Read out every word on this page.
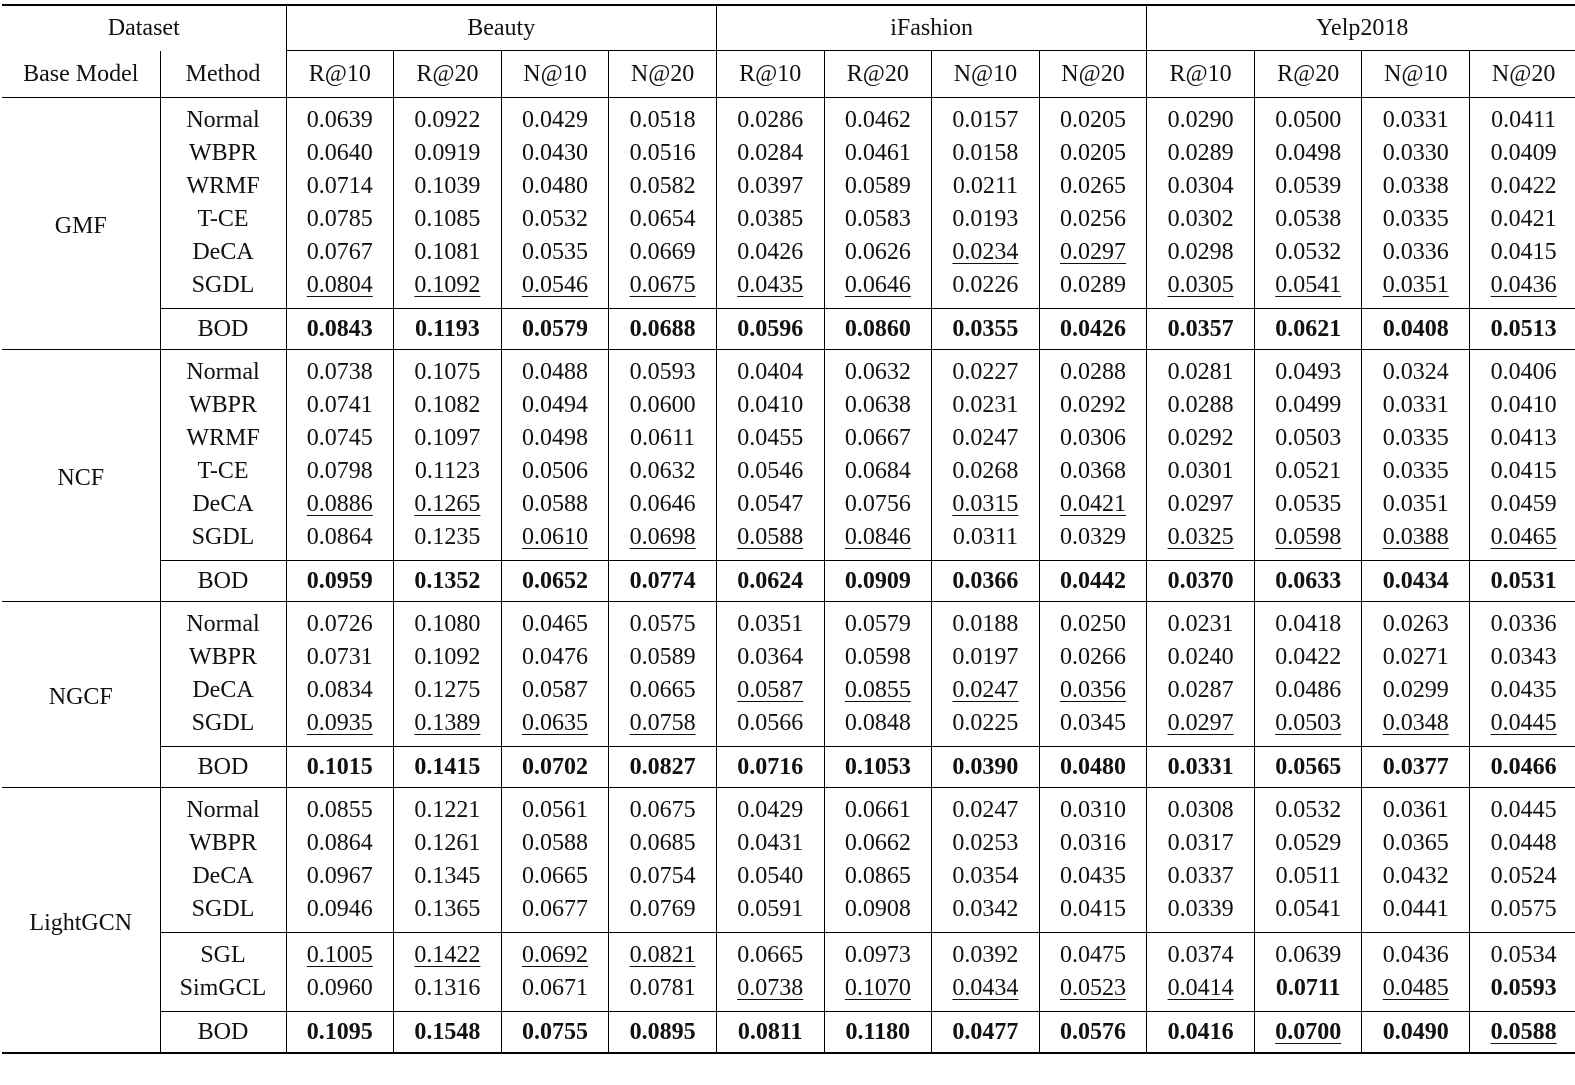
Dataset		Beauty				iFashion				Yelp2018			
Base Model	Method	R@10	R@20	N@10	N@20	R@10	R@20	N@10	N@20	R@10	R@20	N@10	N@20
GMF	Normal	0.0639	0.0922	0.0429	0.0518	0.0286	0.0462	0.0157	0.0205	0.0290	0.0500	0.0331	0.0411
	WBPR	0.0640	0.0919	0.0430	0.0516	0.0284	0.0461	0.0158	0.0205	0.0289	0.0498	0.0330	0.0409
	WRMF	0.0714	0.1039	0.0480	0.0582	0.0397	0.0589	0.0211	0.0265	0.0304	0.0539	0.0338	0.0422
	T-CE	0.0785	0.1085	0.0532	0.0654	0.0385	0.0583	0.0193	0.0256	0.0302	0.0538	0.0335	0.0421
	DeCA	0.0767	0.1081	0.0535	0.0669	0.0426	0.0626	0.0234	0.0297	0.0298	0.0532	0.0336	0.0415
	SGDL	0.0804	0.1092	0.0546	0.0675	0.0435	0.0646	0.0226	0.0289	0.0305	0.0541	0.0351	0.0436
	BOD	0.0843	0.1193	0.0579	0.0688	0.0596	0.0860	0.0355	0.0426	0.0357	0.0621	0.0408	0.0513
NCF	Normal	0.0738	0.1075	0.0488	0.0593	0.0404	0.0632	0.0227	0.0288	0.0281	0.0493	0.0324	0.0406
	WBPR	0.0741	0.1082	0.0494	0.0600	0.0410	0.0638	0.0231	0.0292	0.0288	0.0499	0.0331	0.0410
	WRMF	0.0745	0.1097	0.0498	0.0611	0.0455	0.0667	0.0247	0.0306	0.0292	0.0503	0.0335	0.0413
	T-CE	0.0798	0.1123	0.0506	0.0632	0.0546	0.0684	0.0268	0.0368	0.0301	0.0521	0.0335	0.0415
	DeCA	0.0886	0.1265	0.0588	0.0646	0.0547	0.0756	0.0315	0.0421	0.0297	0.0535	0.0351	0.0459
	SGDL	0.0864	0.1235	0.0610	0.0698	0.0588	0.0846	0.0311	0.0329	0.0325	0.0598	0.0388	0.0465
	BOD	0.0959	0.1352	0.0652	0.0774	0.0624	0.0909	0.0366	0.0442	0.0370	0.0633	0.0434	0.0531
NGCF	Normal	0.0726	0.1080	0.0465	0.0575	0.0351	0.0579	0.0188	0.0250	0.0231	0.0418	0.0263	0.0336
	WBPR	0.0731	0.1092	0.0476	0.0589	0.0364	0.0598	0.0197	0.0266	0.0240	0.0422	0.0271	0.0343
	DeCA	0.0834	0.1275	0.0587	0.0665	0.0587	0.0855	0.0247	0.0356	0.0287	0.0486	0.0299	0.0435
	SGDL	0.0935	0.1389	0.0635	0.0758	0.0566	0.0848	0.0225	0.0345	0.0297	0.0503	0.0348	0.0445
	BOD	0.1015	0.1415	0.0702	0.0827	0.0716	0.1053	0.0390	0.0480	0.0331	0.0565	0.0377	0.0466
LightGCN	Normal	0.0855	0.1221	0.0561	0.0675	0.0429	0.0661	0.0247	0.0310	0.0308	0.0532	0.0361	0.0445
	WBPR	0.0864	0.1261	0.0588	0.0685	0.0431	0.0662	0.0253	0.0316	0.0317	0.0529	0.0365	0.0448
	DeCA	0.0967	0.1345	0.0665	0.0754	0.0540	0.0865	0.0354	0.0435	0.0337	0.0511	0.0432	0.0524
	SGDL	0.0946	0.1365	0.0677	0.0769	0.0591	0.0908	0.0342	0.0415	0.0339	0.0541	0.0441	0.0575
	SGL	0.1005	0.1422	0.0692	0.0821	0.0665	0.0973	0.0392	0.0475	0.0374	0.0639	0.0436	0.0534
	SimGCL	0.0960	0.1316	0.0671	0.0781	0.0738	0.1070	0.0434	0.0523	0.0414	0.0711	0.0485	0.0593
	BOD	0.1095	0.1548	0.0755	0.0895	0.0811	0.1180	0.0477	0.0576	0.0416	0.0700	0.0490	0.0588
